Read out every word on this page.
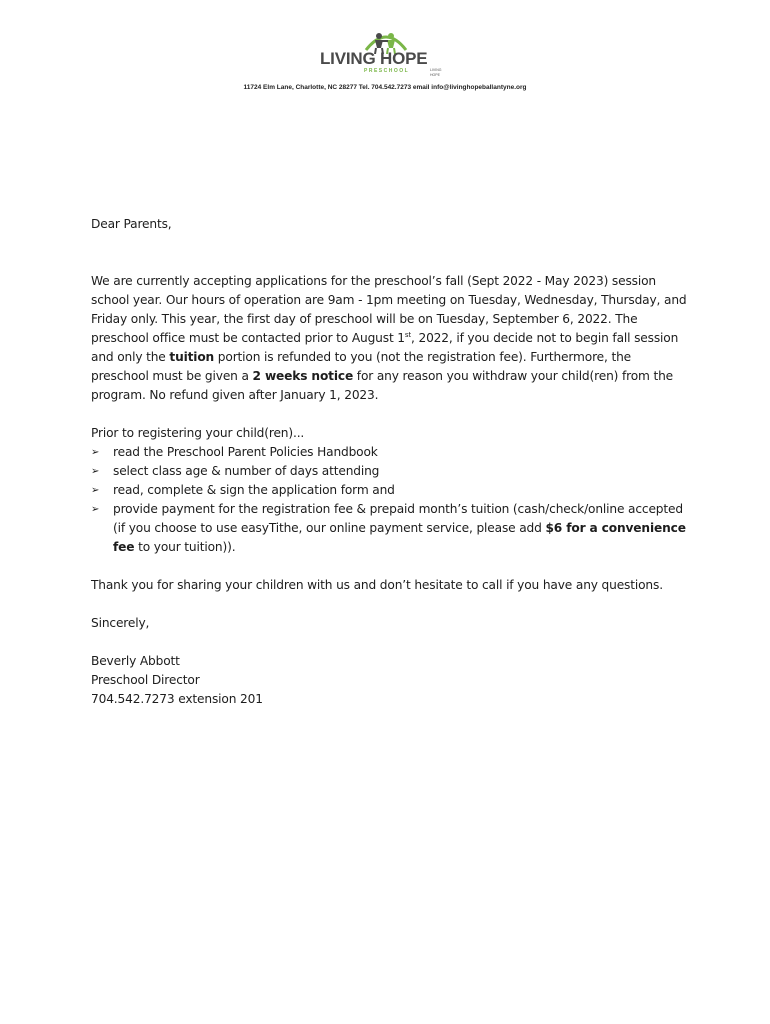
LIVING HOPE
PRESCHOOL	LIVING HOPE
11724 Elm Lane, Charlotte, NC 28277 Tel. 704.542.7273 email info@livinghopeballantyne.org

Dear Parents,

We are currently accepting applications for the preschool’s fall (Sept 2022 - May 2023) session school year. Our hours of operation are 9am - 1pm meeting on Tuesday, Wednesday, Thursday, and Friday only. This year, the first day of preschool will be on Tuesday, September 6, 2022. The preschool office must be contacted prior to August 1st, 2022, if you decide not to begin fall session and only the tuition portion is refunded to you (not the registration fee). Furthermore, the preschool must be given a 2 weeks notice for any reason you withdraw your child(ren) from the program. No refund given after January 1, 2023.

Prior to registering your child(ren)...

➢ read the Preschool Parent Policies Handbook
➢ select class age & number of days attending
➢ read, complete & sign the application form and
➢ provide payment for the registration fee & prepaid month’s tuition (cash/check/online accepted (if you choose to use easyTithe, our online payment service, please add $6 for a convenience fee to your tuition)).

Thank you for sharing your children with us and don’t hesitate to call if you have any questions.

Sincerely,

Beverly Abbott

Preschool Director

704.542.7273 extension 201
